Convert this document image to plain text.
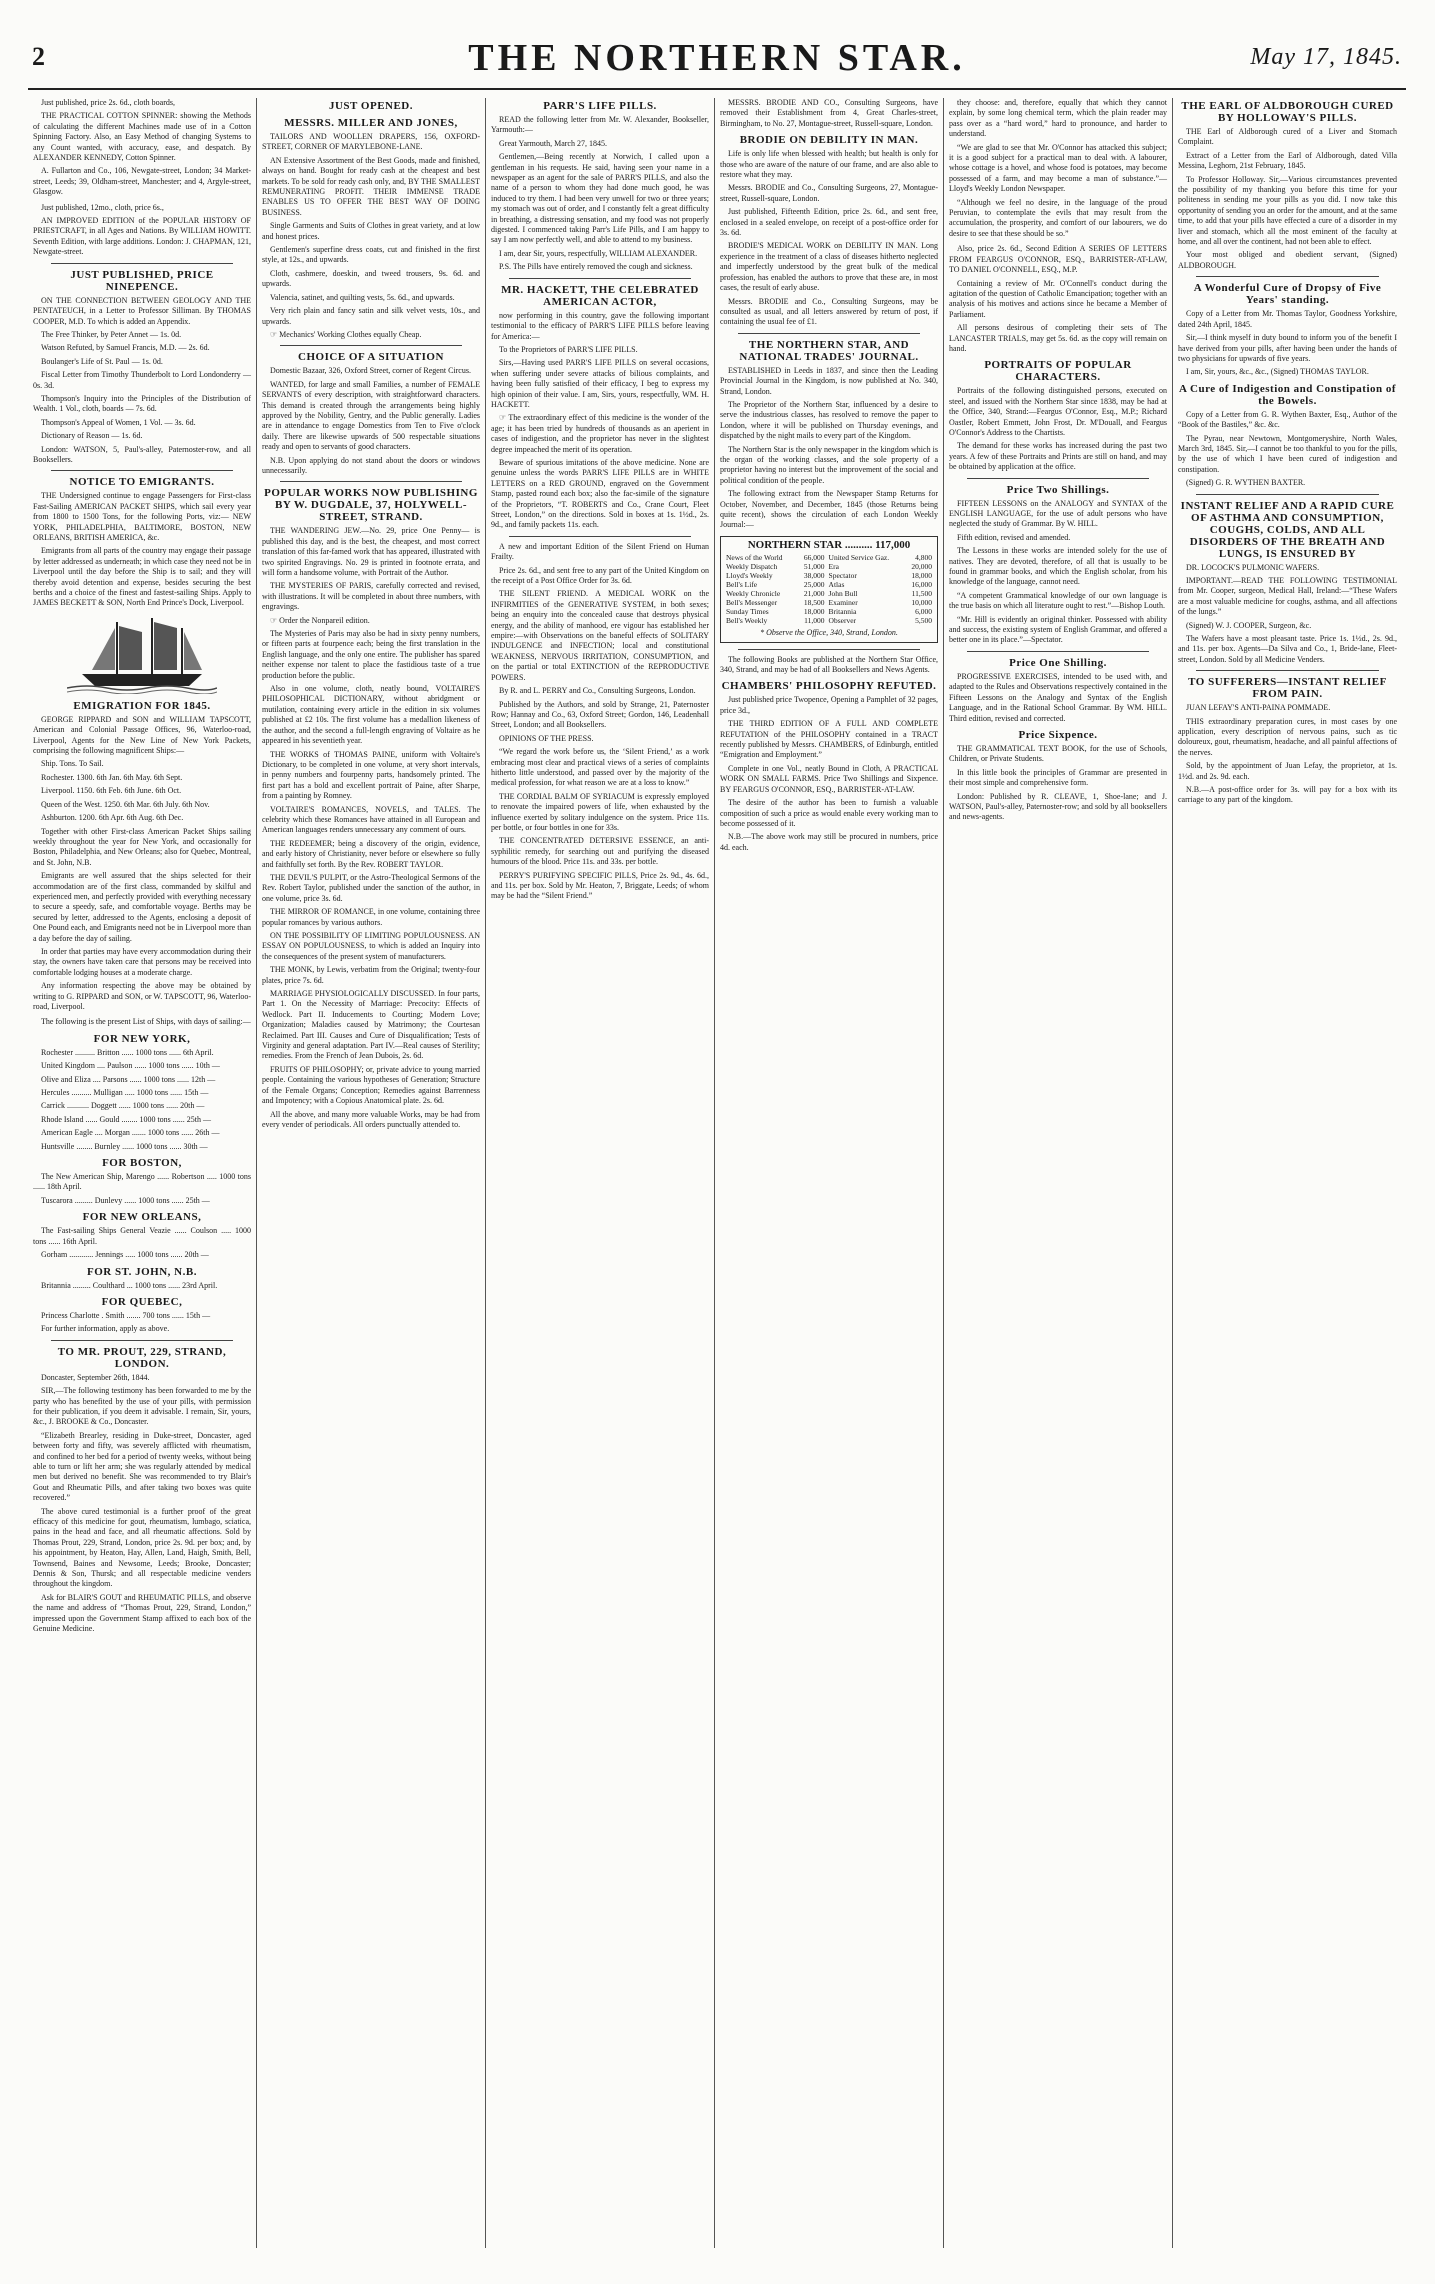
2	THE NORTHERN STAR.	May 17, 1845.

Just published, price 2s. 6d., cloth boards,

THE PRACTICAL COTTON SPINNER: showing the Methods of calculating the different Machines made use of in a Cotton Spinning Factory. Also, an Easy Method of changing Systems to any Count wanted, with accuracy, ease, and despatch. By ALEXANDER KENNEDY, Cotton Spinner.

A. Fullarton and Co., 106, Newgate-street, London; 34 Market-street, Leeds; 39, Oldham-street, Manchester; and 4, Argyle-street, Glasgow.

Just published, 12mo., cloth, price 6s.,

AN IMPROVED EDITION of the POPULAR HISTORY OF PRIESTCRAFT, in all Ages and Nations. By WILLIAM HOWITT. Seventh Edition, with large additions. London: J. CHAPMAN, 121, Newgate-street.

JUST PUBLISHED, PRICE NINEPENCE.

ON THE CONNECTION BETWEEN GEOLOGY AND THE PENTATEUCH, in a Letter to Professor Silliman. By THOMAS COOPER, M.D. To which is added an Appendix.

The Free Thinker, by Peter Annet — 1s. 0d.

Watson Refuted, by Samuel Francis, M.D. — 2s. 6d.

Boulanger's Life of St. Paul — 1s. 0d.

Fiscal Letter from Timothy Thunderbolt to Lord Londonderry — 0s. 3d.

Thompson's Inquiry into the Principles of the Distribution of Wealth. 1 Vol., cloth, boards — 7s. 6d.

Thompson's Appeal of Women, 1 Vol. — 3s. 6d.

Dictionary of Reason — 1s. 6d.

London: WATSON, 5, Paul's-alley, Paternoster-row, and all Booksellers.

NOTICE TO EMIGRANTS.

THE Undersigned continue to engage Passengers for First-class Fast-Sailing AMERICAN PACKET SHIPS, which sail every year from 1800 to 1500 Tons, for the following Ports, viz:— NEW YORK, PHILADELPHIA, BALTIMORE, BOSTON, NEW ORLEANS, BRITISH AMERICA, &c.

Emigrants from all parts of the country may engage their passage by letter addressed as underneath; in which case they need not be in Liverpool until the day before the Ship is to sail; and they will thereby avoid detention and expense, besides securing the best berths and a choice of the finest and fastest-sailing Ships. Apply to JAMES BECKETT & SON, North End Prince's Dock, Liverpool.

EMIGRATION FOR 1845.

GEORGE RIPPARD and SON and WILLIAM TAPSCOTT, American and Colonial Passage Offices, 96, Waterloo-road, Liverpool, Agents for the New Line of New York Packets, comprising the following magnificent Ships:—

Ship. Tons. To Sail.

Rochester. 1300. 6th Jan. 6th May. 6th Sept.

Liverpool. 1150. 6th Feb. 6th June. 6th Oct.

Queen of the West. 1250. 6th Mar. 6th July. 6th Nov.

Ashburton. 1200. 6th Apr. 6th Aug. 6th Dec.

Together with other First-class American Packet Ships sailing weekly throughout the year for New York, and occasionally for Boston, Philadelphia, and New Orleans; also for Quebec, Montreal, and St. John, N.B.

Emigrants are well assured that the ships selected for their accommodation are of the first class, commanded by skilful and experienced men, and perfectly provided with everything necessary to secure a speedy, safe, and comfortable voyage. Berths may be secured by letter, addressed to the Agents, enclosing a deposit of One Pound each, and Emigrants need not be in Liverpool more than a day before the day of sailing.

In order that parties may have every accommodation during their stay, the owners have taken care that persons may be received into comfortable lodging houses at a moderate charge.

Any information respecting the above may be obtained by writing to G. RIPPARD and SON, or W. TAPSCOTT, 96, Waterloo-road, Liverpool.

The following is the present List of Ships, with days of sailing:—

FOR NEW YORK,

Rochester .......... Britton ...... 1000 tons ...... 6th April.

United Kingdom .... Paulson ...... 1000 tons ...... 10th —

Olive and Eliza .... Parsons ...... 1000 tons ...... 12th —

Hercules .......... Mulligan ..... 1000 tons ...... 15th —

Carrick ........... Doggett ...... 1000 tons ...... 20th —

Rhode Island ...... Gould ........ 1000 tons ...... 25th —

American Eagle .... Morgan ....... 1000 tons ...... 26th —

Huntsville ........ Burnley ...... 1000 tons ...... 30th —

FOR BOSTON,

The New American Ship, Marengo ...... Robertson ..... 1000 tons ...... 18th April.

Tuscarora ......... Dunlevy ...... 1000 tons ...... 25th —

FOR NEW ORLEANS,

The Fast-sailing Ships General Veazie ...... Coulson ..... 1000 tons ...... 16th April.

Gorham ............ Jennings ..... 1000 tons ...... 20th —

FOR ST. JOHN, N.B.

Britannia ......... Coulthard ... 1000 tons ...... 23rd April.

FOR QUEBEC,

Princess Charlotte . Smith ....... 700 tons ...... 15th —

For further information, apply as above.

TO MR. PROUT, 229, STRAND, LONDON.

Doncaster, September 26th, 1844.

SIR,—The following testimony has been forwarded to me by the party who has benefited by the use of your pills, with permission for their publication, if you deem it advisable. I remain, Sir, yours, &c., J. BROOKE & Co., Doncaster.

“Elizabeth Brearley, residing in Duke-street, Doncaster, aged between forty and fifty, was severely afflicted with rheumatism, and confined to her bed for a period of twenty weeks, without being able to turn or lift her arm; she was regularly attended by medical men but derived no benefit. She was recommended to try Blair's Gout and Rheumatic Pills, and after taking two boxes was quite recovered.”

The above cured testimonial is a further proof of the great efficacy of this medicine for gout, rheumatism, lumbago, sciatica, pains in the head and face, and all rheumatic affections. Sold by Thomas Prout, 229, Strand, London, price 2s. 9d. per box; and, by his appointment, by Heaton, Hay, Allen, Land, Haigh, Smith, Bell, Townsend, Baines and Newsome, Leeds; Brooke, Doncaster; Dennis & Son, Thursk; and all respectable medicine venders throughout the kingdom.

Ask for BLAIR'S GOUT and RHEUMATIC PILLS, and observe the name and address of “Thomas Prout, 229, Strand, London,” impressed upon the Government Stamp affixed to each box of the Genuine Medicine.

JUST OPENED.
MESSRS. MILLER AND JONES,

TAILORS AND WOOLLEN DRAPERS, 156, OXFORD-STREET, CORNER OF MARYLEBONE-LANE.

AN Extensive Assortment of the Best Goods, made and finished, always on hand. Bought for ready cash at the cheapest and best markets. To be sold for ready cash only, and, BY THE SMALLEST REMUNERATING PROFIT. THEIR IMMENSE TRADE ENABLES US TO OFFER THE BEST WAY OF DOING BUSINESS.

Single Garments and Suits of Clothes in great variety, and at low and honest prices.

Gentlemen's superfine dress coats, cut and finished in the first style, at 12s., and upwards.

Cloth, cashmere, doeskin, and tweed trousers, 9s. 6d. and upwards.

Valencia, satinet, and quilting vests, 5s. 6d., and upwards.

Very rich plain and fancy satin and silk velvet vests, 10s., and upwards.

☞ Mechanics' Working Clothes equally Cheap.

CHOICE OF A SITUATION

Domestic Bazaar, 326, Oxford Street, corner of Regent Circus.

WANTED, for large and small Families, a number of FEMALE SERVANTS of every description, with straightforward characters. This demand is created through the arrangements being highly approved by the Nobility, Gentry, and the Public generally. Ladies are in attendance to engage Domestics from Ten to Five o'clock daily. There are likewise upwards of 500 respectable situations ready and open to servants of good characters.

N.B. Upon applying do not stand about the doors or windows unnecessarily.

POPULAR WORKS NOW PUBLISHING BY W. DUGDALE, 37, HOLYWELL-STREET, STRAND.

THE WANDERING JEW.—No. 29, price One Penny— is published this day, and is the best, the cheapest, and most correct translation of this far-famed work that has appeared, illustrated with two spirited Engravings. No. 29 is printed in footnote errata, and will form a handsome volume, with Portrait of the Author.

THE MYSTERIES OF PARIS, carefully corrected and revised, with illustrations. It will be completed in about three numbers, with engravings.

☞ Order the Nonpareil edition.

The Mysteries of Paris may also be had in sixty penny numbers, or fifteen parts at fourpence each; being the first translation in the English language, and the only one entire. The publisher has spared neither expense nor talent to place the fastidious taste of a true production before the public.

Also in one volume, cloth, neatly bound, VOLTAIRE'S PHILOSOPHICAL DICTIONARY, without abridgment or mutilation, containing every article in the edition in six volumes published at £2 10s. The first volume has a medallion likeness of the author, and the second a full-length engraving of Voltaire as he appeared in his seventieth year.

THE WORKS of THOMAS PAINE, uniform with Voltaire's Dictionary, to be completed in one volume, at very short intervals, in penny numbers and fourpenny parts, handsomely printed. The first part has a bold and excellent portrait of Paine, after Sharpe, from a painting by Romney.

VOLTAIRE'S ROMANCES, NOVELS, and TALES. The celebrity which these Romances have attained in all European and American languages renders unnecessary any comment of ours.

THE REDEEMER; being a discovery of the origin, evidence, and early history of Christianity, never before or elsewhere so fully and faithfully set forth. By the Rev. ROBERT TAYLOR.

THE DEVIL'S PULPIT, or the Astro-Theological Sermons of the Rev. Robert Taylor, published under the sanction of the author, in one volume, price 3s. 6d.

THE MIRROR OF ROMANCE, in one volume, containing three popular romances by various authors.

ON THE POSSIBILITY OF LIMITING POPULOUSNESS. AN ESSAY ON POPULOUSNESS, to which is added an Inquiry into the consequences of the present system of manufacturers.

THE MONK, by Lewis, verbatim from the Original; twenty-four plates, price 7s. 6d.

MARRIAGE PHYSIOLOGICALLY DISCUSSED. In four parts, Part 1. On the Necessity of Marriage: Precocity: Effects of Wedlock. Part II. Inducements to Courting; Modern Love; Organization; Maladies caused by Matrimony; the Courtesan Reclaimed. Part III. Causes and Cure of Disqualification; Tests of Virginity and general adaptation. Part IV.—Real causes of Sterility; remedies. From the French of Jean Dubois, 2s. 6d.

FRUITS OF PHILOSOPHY; or, private advice to young married people. Containing the various hypotheses of Generation; Structure of the Female Organs; Conception; Remedies against Barrenness and Impotency; with a Copious Anatomical plate. 2s. 6d.

All the above, and many more valuable Works, may be had from every vender of periodicals. All orders punctually attended to.

PARR'S LIFE PILLS.

READ the following letter from Mr. W. Alexander, Bookseller, Yarmouth:—

Great Yarmouth, March 27, 1845.

Gentlemen,—Being recently at Norwich, I called upon a gentleman in his requests. He said, having seen your name in a newspaper as an agent for the sale of PARR'S PILLS, and also the name of a person to whom they had done much good, he was induced to try them. I had been very unwell for two or three years; my stomach was out of order, and I constantly felt a great difficulty in breathing, a distressing sensation, and my food was not properly digested. I commenced taking Parr's Life Pills, and I am happy to say I am now perfectly well, and able to attend to my business.

I am, dear Sir, yours, respectfully, WILLIAM ALEXANDER.

P.S. The Pills have entirely removed the cough and sickness.

MR. HACKETT, THE CELEBRATED AMERICAN ACTOR,

now performing in this country, gave the following important testimonial to the efficacy of PARR'S LIFE PILLS before leaving for America:—

To the Proprietors of PARR'S LIFE PILLS.

Sirs,—Having used PARR'S LIFE PILLS on several occasions, when suffering under severe attacks of bilious complaints, and having been fully satisfied of their efficacy, I beg to express my high opinion of their value. I am, Sirs, yours, respectfully, WM. H. HACKETT.

☞ The extraordinary effect of this medicine is the wonder of the age; it has been tried by hundreds of thousands as an aperient in cases of indigestion, and the proprietor has never in the slightest degree impeached the merit of its operation.

Beware of spurious imitations of the above medicine. None are genuine unless the words PARR'S LIFE PILLS are in WHITE LETTERS on a RED GROUND, engraved on the Government Stamp, pasted round each box; also the fac-simile of the signature of the Proprietors, “T. ROBERTS and Co., Crane Court, Fleet Street, London,” on the directions. Sold in boxes at 1s. 1½d., 2s. 9d., and family packets 11s. each.

A new and important Edition of the Silent Friend on Human Frailty.

Price 2s. 6d., and sent free to any part of the United Kingdom on the receipt of a Post Office Order for 3s. 6d.

THE SILENT FRIEND. A MEDICAL WORK on the INFIRMITIES of the GENERATIVE SYSTEM, in both sexes; being an enquiry into the concealed cause that destroys physical energy, and the ability of manhood, ere vigour has established her empire:—with Observations on the baneful effects of SOLITARY INDULGENCE and INFECTION; local and constitutional WEAKNESS, NERVOUS IRRITATION, CONSUMPTION, and on the partial or total EXTINCTION of the REPRODUCTIVE POWERS.

By R. and L. PERRY and Co., Consulting Surgeons, London.

Published by the Authors, and sold by Strange, 21, Paternoster Row; Hannay and Co., 63, Oxford Street; Gordon, 146, Leadenhall Street, London; and all Booksellers.

OPINIONS OF THE PRESS.

“We regard the work before us, the ‘Silent Friend,’ as a work embracing most clear and practical views of a series of complaints hitherto little understood, and passed over by the majority of the medical profession, for what reason we are at a loss to know.”

THE CORDIAL BALM OF SYRIACUM is expressly employed to renovate the impaired powers of life, when exhausted by the influence exerted by solitary indulgence on the system. Price 11s. per bottle, or four bottles in one for 33s.

THE CONCENTRATED DETERSIVE ESSENCE, an anti-syphilitic remedy, for searching out and purifying the diseased humours of the blood. Price 11s. and 33s. per bottle.

PERRY'S PURIFYING SPECIFIC PILLS, Price 2s. 9d., 4s. 6d., and 11s. per box. Sold by Mr. Heaton, 7, Briggate, Leeds; of whom may be had the “Silent Friend.”

MESSRS. BRODIE AND CO., Consulting Surgeons, have removed their Establishment from 4, Great Charles-street, Birmingham, to No. 27, Montague-street, Russell-square, London.

BRODIE ON DEBILITY IN MAN.

Life is only life when blessed with health; but health is only for those who are aware of the nature of our frame, and are also able to restore what they may.

Messrs. BRODIE and Co., Consulting Surgeons, 27, Montague-street, Russell-square, London.

Just published, Fifteenth Edition, price 2s. 6d., and sent free, enclosed in a sealed envelope, on receipt of a post-office order for 3s. 6d.

BRODIE'S MEDICAL WORK on DEBILITY IN MAN. Long experience in the treatment of a class of diseases hitherto neglected and imperfectly understood by the great bulk of the medical profession, has enabled the authors to prove that these are, in most cases, the result of early abuse.

Messrs. BRODIE and Co., Consulting Surgeons, may be consulted as usual, and all letters answered by return of post, if containing the usual fee of £1.

THE NORTHERN STAR, AND NATIONAL TRADES' JOURNAL.

ESTABLISHED in Leeds in 1837, and since then the Leading Provincial Journal in the Kingdom, is now published at No. 340, Strand, London.

The Proprietor of the Northern Star, influenced by a desire to serve the industrious classes, has resolved to remove the paper to London, where it will be published on Thursday evenings, and dispatched by the night mails to every part of the Kingdom.

The Northern Star is the only newspaper in the kingdom which is the organ of the working classes, and the sole property of a proprietor having no interest but the improvement of the social and political condition of the people.

The following extract from the Newspaper Stamp Returns for October, November, and December, 1845 (those Returns being quite recent), shows the circulation of each London Weekly Journal:—

NORTHERN STAR .......... 117,000
News of the World	66,000	United Service Gaz.	4,800
Weekly Dispatch	51,000	Era	20,000
Lloyd's Weekly	38,000	Spectator	18,000
Bell's Life	25,000	Atlas	16,000
Weekly Chronicle	21,000	John Bull	11,500
Bell's Messenger	18,500	Examiner	10,000
Sunday Times	18,000	Britannia	6,000
Bell's Weekly	11,000	Observer	5,500
* Observe the Office, 340, Strand, London.

The following Books are published at the Northern Star Office, 340, Strand, and may be had of all Booksellers and News Agents.

CHAMBERS' PHILOSOPHY REFUTED.

Just published price Twopence, Opening a Pamphlet of 32 pages, price 3d.,

THE THIRD EDITION OF A FULL AND COMPLETE REFUTATION of the PHILOSOPHY contained in a TRACT recently published by Messrs. CHAMBERS, of Edinburgh, entitled “Emigration and Employment.”

Complete in one Vol., neatly Bound in Cloth, A PRACTICAL WORK ON SMALL FARMS. Price Two Shillings and Sixpence. BY FEARGUS O'CONNOR, ESQ., BARRISTER-AT-LAW.

The desire of the author has been to furnish a valuable composition of such a price as would enable every working man to become possessed of it.

N.B.—The above work may still be procured in numbers, price 4d. each.

they choose: and, therefore, equally that which they cannot explain, by some long chemical term, which the plain reader may pass over as a “hard word,” hard to pronounce, and harder to understand.

“We are glad to see that Mr. O'Connor has attacked this subject; it is a good subject for a practical man to deal with. A labourer, whose cottage is a hovel, and whose food is potatoes, may become possessed of a farm, and may become a man of substance.”—Lloyd's Weekly London Newspaper.

“Although we feel no desire, in the language of the proud Peruvian, to contemplate the evils that may result from the accumulation, the prosperity, and comfort of our labourers, we do desire to see that these should be so.”

Also, price 2s. 6d., Second Edition A SERIES OF LETTERS FROM FEARGUS O'CONNOR, ESQ., BARRISTER-AT-LAW, TO DANIEL O'CONNELL, ESQ., M.P.

Containing a review of Mr. O'Connell's conduct during the agitation of the question of Catholic Emancipation; together with an analysis of his motives and actions since he became a Member of Parliament.

All persons desirous of completing their sets of The LANCASTER TRIALS, may get 5s. 6d. as the copy will remain on hand.

PORTRAITS OF POPULAR CHARACTERS.

Portraits of the following distinguished persons, executed on steel, and issued with the Northern Star since 1838, may be had at the Office, 340, Strand:—Feargus O'Connor, Esq., M.P.; Richard Oastler, Robert Emmett, John Frost, Dr. M'Douall, and Feargus O'Connor's Address to the Chartists.

The demand for these works has increased during the past two years. A few of these Portraits and Prints are still on hand, and may be obtained by application at the office.

Price Two Shillings.

FIFTEEN LESSONS on the ANALOGY and SYNTAX of the ENGLISH LANGUAGE, for the use of adult persons who have neglected the study of Grammar. By W. HILL.

Fifth edition, revised and amended.

The Lessons in these works are intended solely for the use of natives. They are devoted, therefore, of all that is usually to be found in grammar books, and which the English scholar, from his knowledge of the language, cannot need.

“A competent Grammatical knowledge of our own language is the true basis on which all literature ought to rest.”—Bishop Louth.

“Mr. Hill is evidently an original thinker. Possessed with ability and success, the existing system of English Grammar, and offered a better one in its place.”—Spectator.

Price One Shilling.

PROGRESSIVE EXERCISES, intended to be used with, and adapted to the Rules and Observations respectively contained in the Fifteen Lessons on the Analogy and Syntax of the English Language, and in the Rational School Grammar. By WM. HILL. Third edition, revised and corrected.

Price Sixpence.

THE GRAMMATICAL TEXT BOOK, for the use of Schools, Children, or Private Students.

In this little book the principles of Grammar are presented in their most simple and comprehensive form.

London: Published by R. CLEAVE, 1, Shoe-lane; and J. WATSON, Paul's-alley, Paternoster-row; and sold by all booksellers and news-agents.

THE EARL OF ALDBOROUGH CURED BY HOLLOWAY'S PILLS.

THE Earl of Aldborough cured of a Liver and Stomach Complaint.

Extract of a Letter from the Earl of Aldborough, dated Villa Messina, Leghorn, 21st February, 1845.

To Professor Holloway. Sir,—Various circumstances prevented the possibility of my thanking you before this time for your politeness in sending me your pills as you did. I now take this opportunity of sending you an order for the amount, and at the same time, to add that your pills have effected a cure of a disorder in my liver and stomach, which all the most eminent of the faculty at home, and all over the continent, had not been able to effect.

Your most obliged and obedient servant, (Signed) ALDBOROUGH.

A Wonderful Cure of Dropsy of Five Years' standing.

Copy of a Letter from Mr. Thomas Taylor, Goodness Yorkshire, dated 24th April, 1845.

Sir,—I think myself in duty bound to inform you of the benefit I have derived from your pills, after having been under the hands of two physicians for upwards of five years.

I am, Sir, yours, &c., &c., (Signed) THOMAS TAYLOR.

A Cure of Indigestion and Constipation of the Bowels.

Copy of a Letter from G. R. Wythen Baxter, Esq., Author of the “Book of the Bastiles,” &c. &c.

The Pyrau, near Newtown, Montgomeryshire, North Wales, March 3rd, 1845. Sir,—I cannot be too thankful to you for the pills, by the use of which I have been cured of indigestion and constipation.

(Signed) G. R. WYTHEN BAXTER.

INSTANT RELIEF AND A RAPID CURE OF ASTHMA AND CONSUMPTION, COUGHS, COLDS, AND ALL DISORDERS OF THE BREATH AND LUNGS, IS ENSURED BY

DR. LOCOCK'S PULMONIC WAFERS.

IMPORTANT.—READ THE FOLLOWING TESTIMONIAL from Mr. Cooper, surgeon, Medical Hall, Ireland:—“These Wafers are a most valuable medicine for coughs, asthma, and all affections of the lungs.”

(Signed) W. J. COOPER, Surgeon, &c.

The Wafers have a most pleasant taste. Price 1s. 1½d., 2s. 9d., and 11s. per box. Agents—Da Silva and Co., 1, Bride-lane, Fleet-street, London. Sold by all Medicine Venders.

TO SUFFERERS—INSTANT RELIEF FROM PAIN.

JUAN LEFAY'S ANTI-PAINA POMMADE.

THIS extraordinary preparation cures, in most cases by one application, every description of nervous pains, such as tic doloureux, gout, rheumatism, headache, and all painful affections of the nerves.

Sold, by the appointment of Juan Lefay, the proprietor, at 1s. 1½d. and 2s. 9d. each.

N.B.—A post-office order for 3s. will pay for a box with its carriage to any part of the kingdom.
